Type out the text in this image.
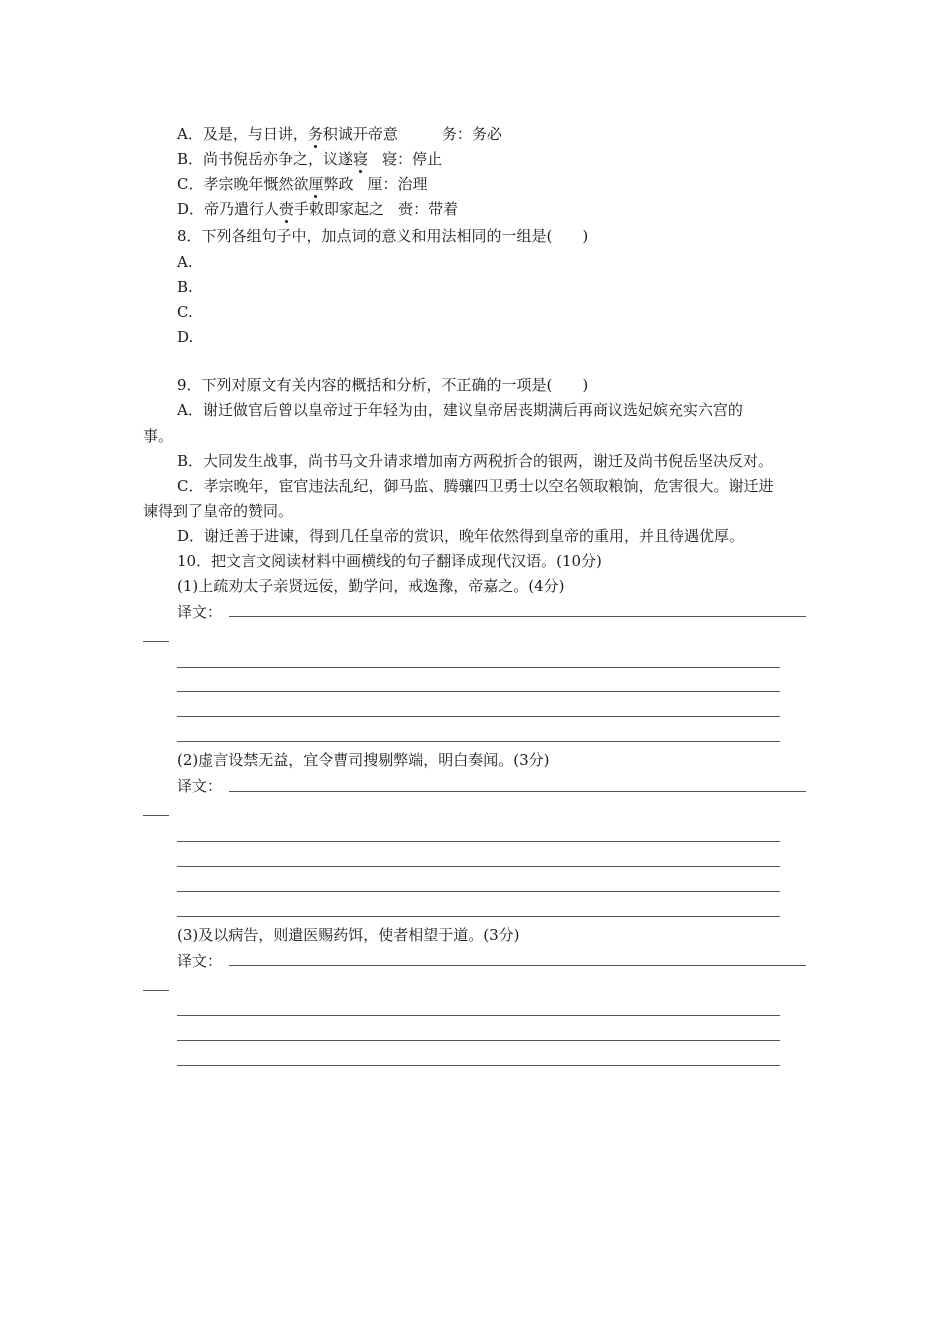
A．及是，与日讲，务积诚开帝意	务：务必
B．尚书倪岳亦争之，议遂寝 寝：停止
C．孝宗晚年慨然欲厘弊政 厘：治理
D．帝乃遣行人赍手敕即家起之 赍：带着
8．下列各组句子中，加点词的意义和用法相同的一组是(　　)
A.
B.
C.
D.
9．下列对原文有关内容的概括和分析，不正确的一项是(　　)
A．谢迁做官后曾以皇帝过于年轻为由，建议皇帝居丧期满后再商议选妃嫔充实六宫的
事。
B．大同发生战事，尚书马文升请求增加南方两税折合的银两，谢迁及尚书倪岳坚决反对。
C．孝宗晚年，宦官违法乱纪，御马监、腾骧四卫勇士以空名领取粮饷，危害很大。谢迁进
谏得到了皇帝的赞同。
D．谢迁善于进谏，得到几任皇帝的赏识，晚年依然得到皇帝的重用，并且待遇优厚。
10．把文言文阅读材料中画横线的句子翻译成现代汉语。(10分)
(1)上疏劝太子亲贤远佞，勤学问，戒逸豫，帝嘉之。(4分)
译文：
(2)虚言设禁无益，宜令曹司搜剔弊端，明白奏闻。(3分)
译文：
(3)及以病告，则遣医赐药饵，使者相望于道。(3分)
译文：
